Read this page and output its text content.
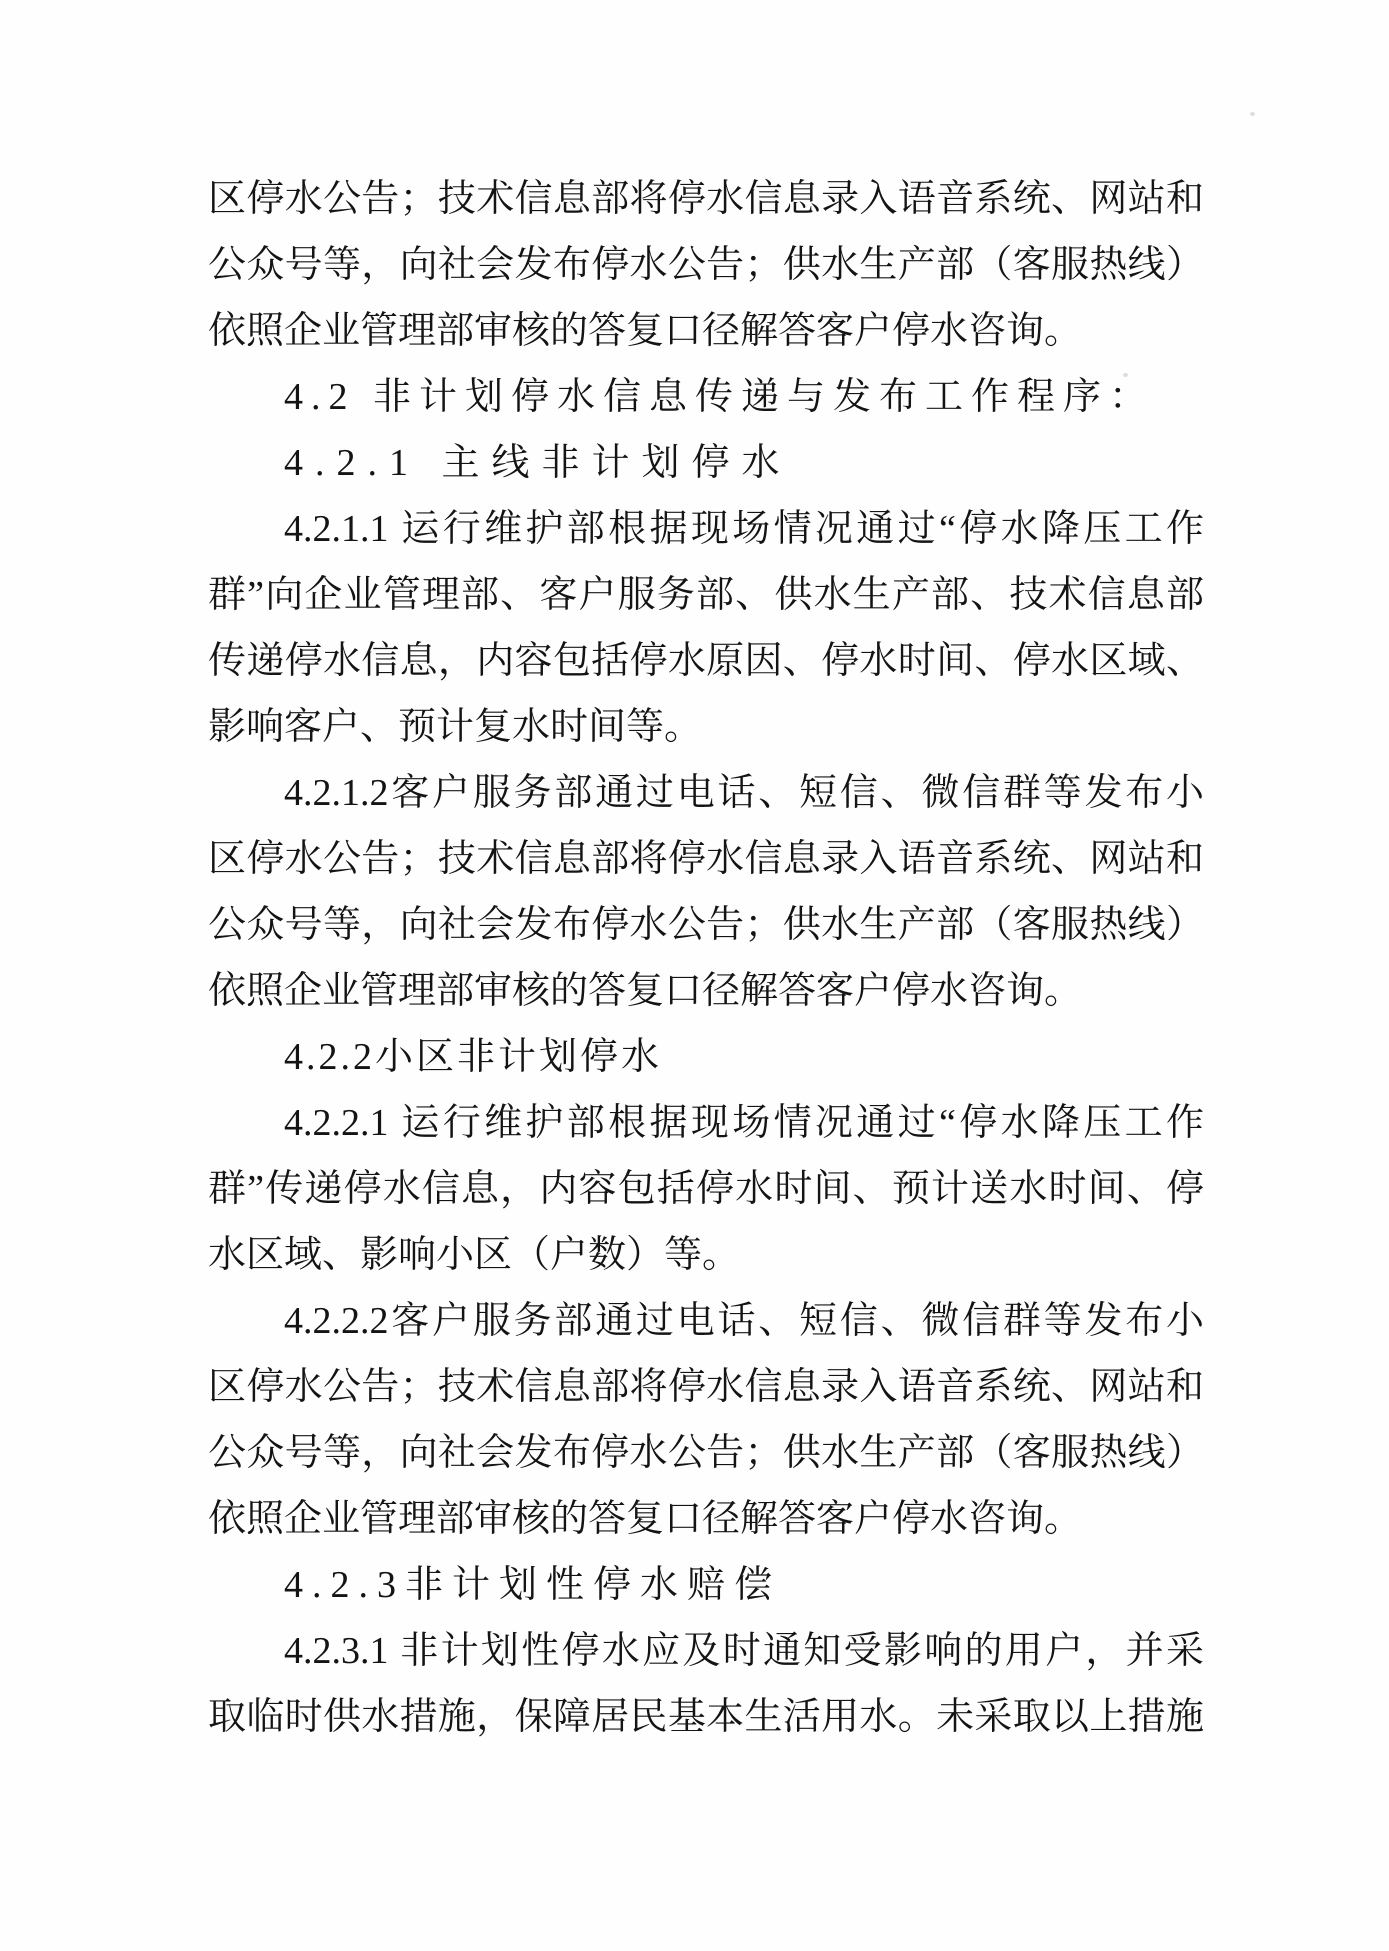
区停水公告；技术信息部将停水信息录入语音系统、网站和
公众号等，向社会发布停水公告；供水生产部（客服热线）
依照企业管理部审核的答复口径解答客户停水咨询。
4.2 非计划停水信息传递与发布工作程序：
4.2.1 主线非计划停水
4.2.1.1 运行维护部根据现场情况通过“停水降压工作
群”向企业管理部、客户服务部、供水生产部、技术信息部
传递停水信息，内容包括停水原因、停水时间、停水区域、
影响客户、预计复水时间等。
4.2.1.2客户服务部通过电话、短信、微信群等发布小
区停水公告；技术信息部将停水信息录入语音系统、网站和
公众号等，向社会发布停水公告；供水生产部（客服热线）
依照企业管理部审核的答复口径解答客户停水咨询。
4.2.2小区非计划停水
4.2.2.1 运行维护部根据现场情况通过“停水降压工作
群”传递停水信息，内容包括停水时间、预计送水时间、停
水区域、影响小区（户数）等。
4.2.2.2客户服务部通过电话、短信、微信群等发布小
区停水公告；技术信息部将停水信息录入语音系统、网站和
公众号等，向社会发布停水公告；供水生产部（客服热线）
依照企业管理部审核的答复口径解答客户停水咨询。
4.2.3非计划性停水赔偿
4.2.3.1 非计划性停水应及时通知受影响的用户，并采
取临时供水措施，保障居民基本生活用水。未采取以上措施
